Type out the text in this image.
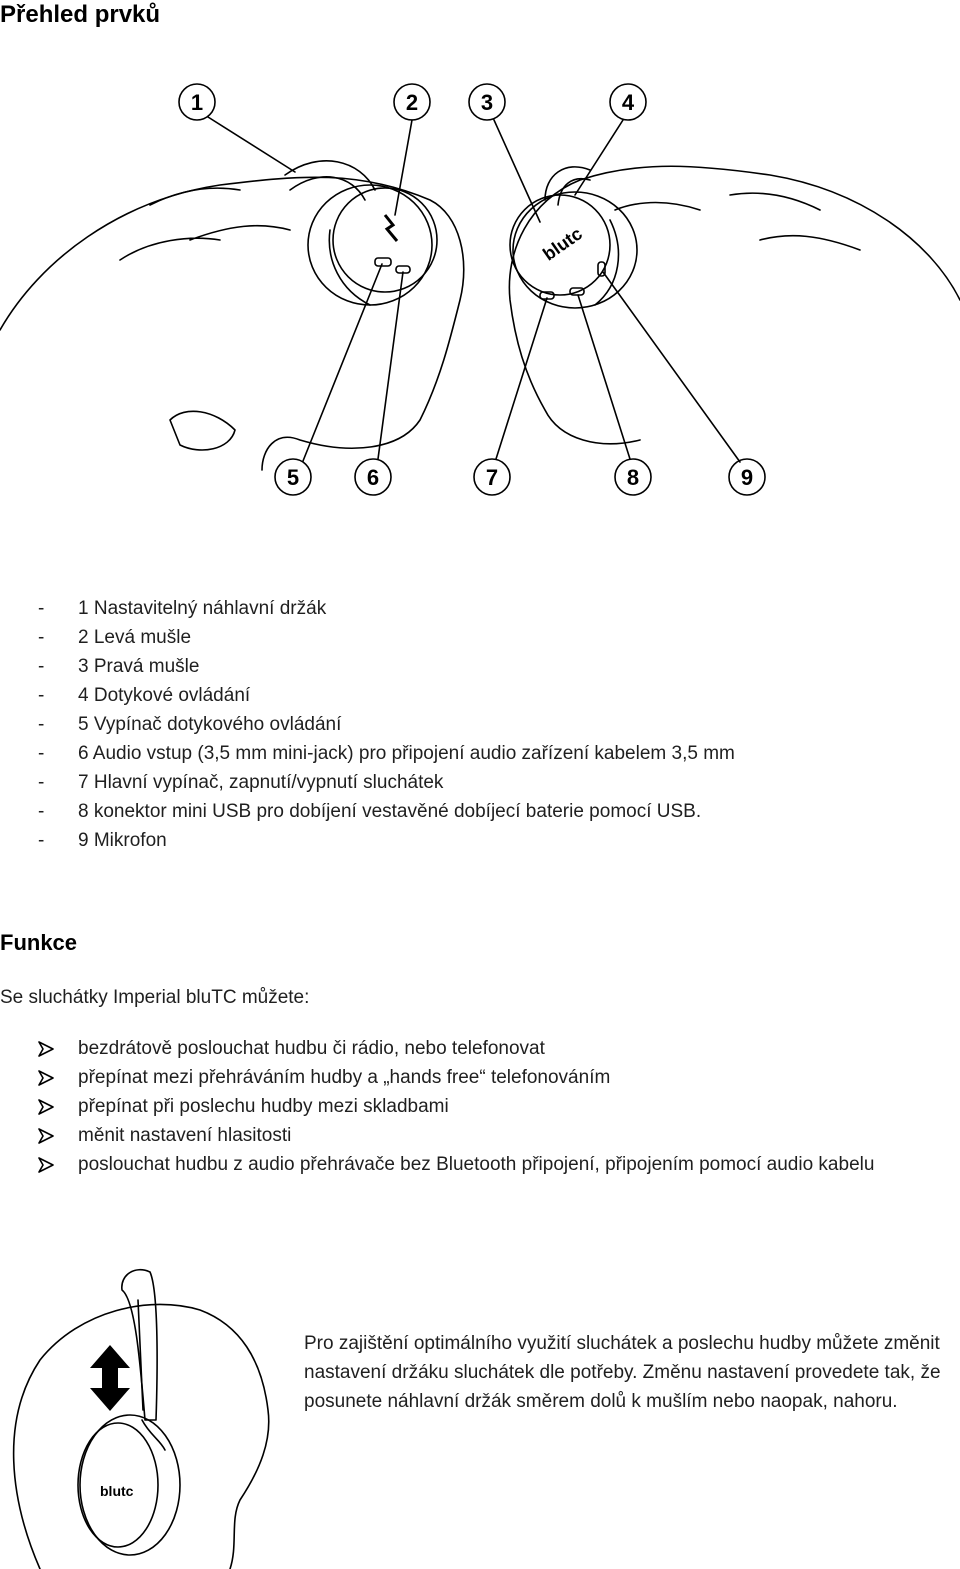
Přehled prvků
1	2	3	4
5	6	7	8	9
blutc
- 1 Nastavitelný náhlavní držák
- 2 Levá mušle
- 3 Pravá mušle
- 4 Dotykové ovládání
- 5 Vypínač dotykového ovládání
- 6 Audio vstup (3,5 mm mini-jack) pro připojení audio zařízení kabelem 3,5 mm
- 7 Hlavní vypínač, zapnutí/vypnutí sluchátek
- 8 konektor mini USB pro dobíjení vestavěné dobíjecí baterie pomocí USB.
- 9 Mikrofon
Funkce
Se sluchátky Imperial bluTC můžete:
bezdrátově poslouchat hudbu či rádio, nebo telefonovat
přepínat mezi přehráváním hudby a „hands free“ telefonováním
přepínat při poslechu hudby mezi skladbami
měnit nastavení hlasitosti
poslouchat hudbu z audio přehrávače bez Bluetooth připojení, připojením pomocí audio kabelu
blutc
Pro zajištění optimálního využití sluchátek a poslechu hudby můžete změnit nastavení držáku sluchátek dle potřeby. Změnu nastavení provedete tak, že posunete náhlavní držák směrem dolů k mušlím nebo naopak, nahoru.
